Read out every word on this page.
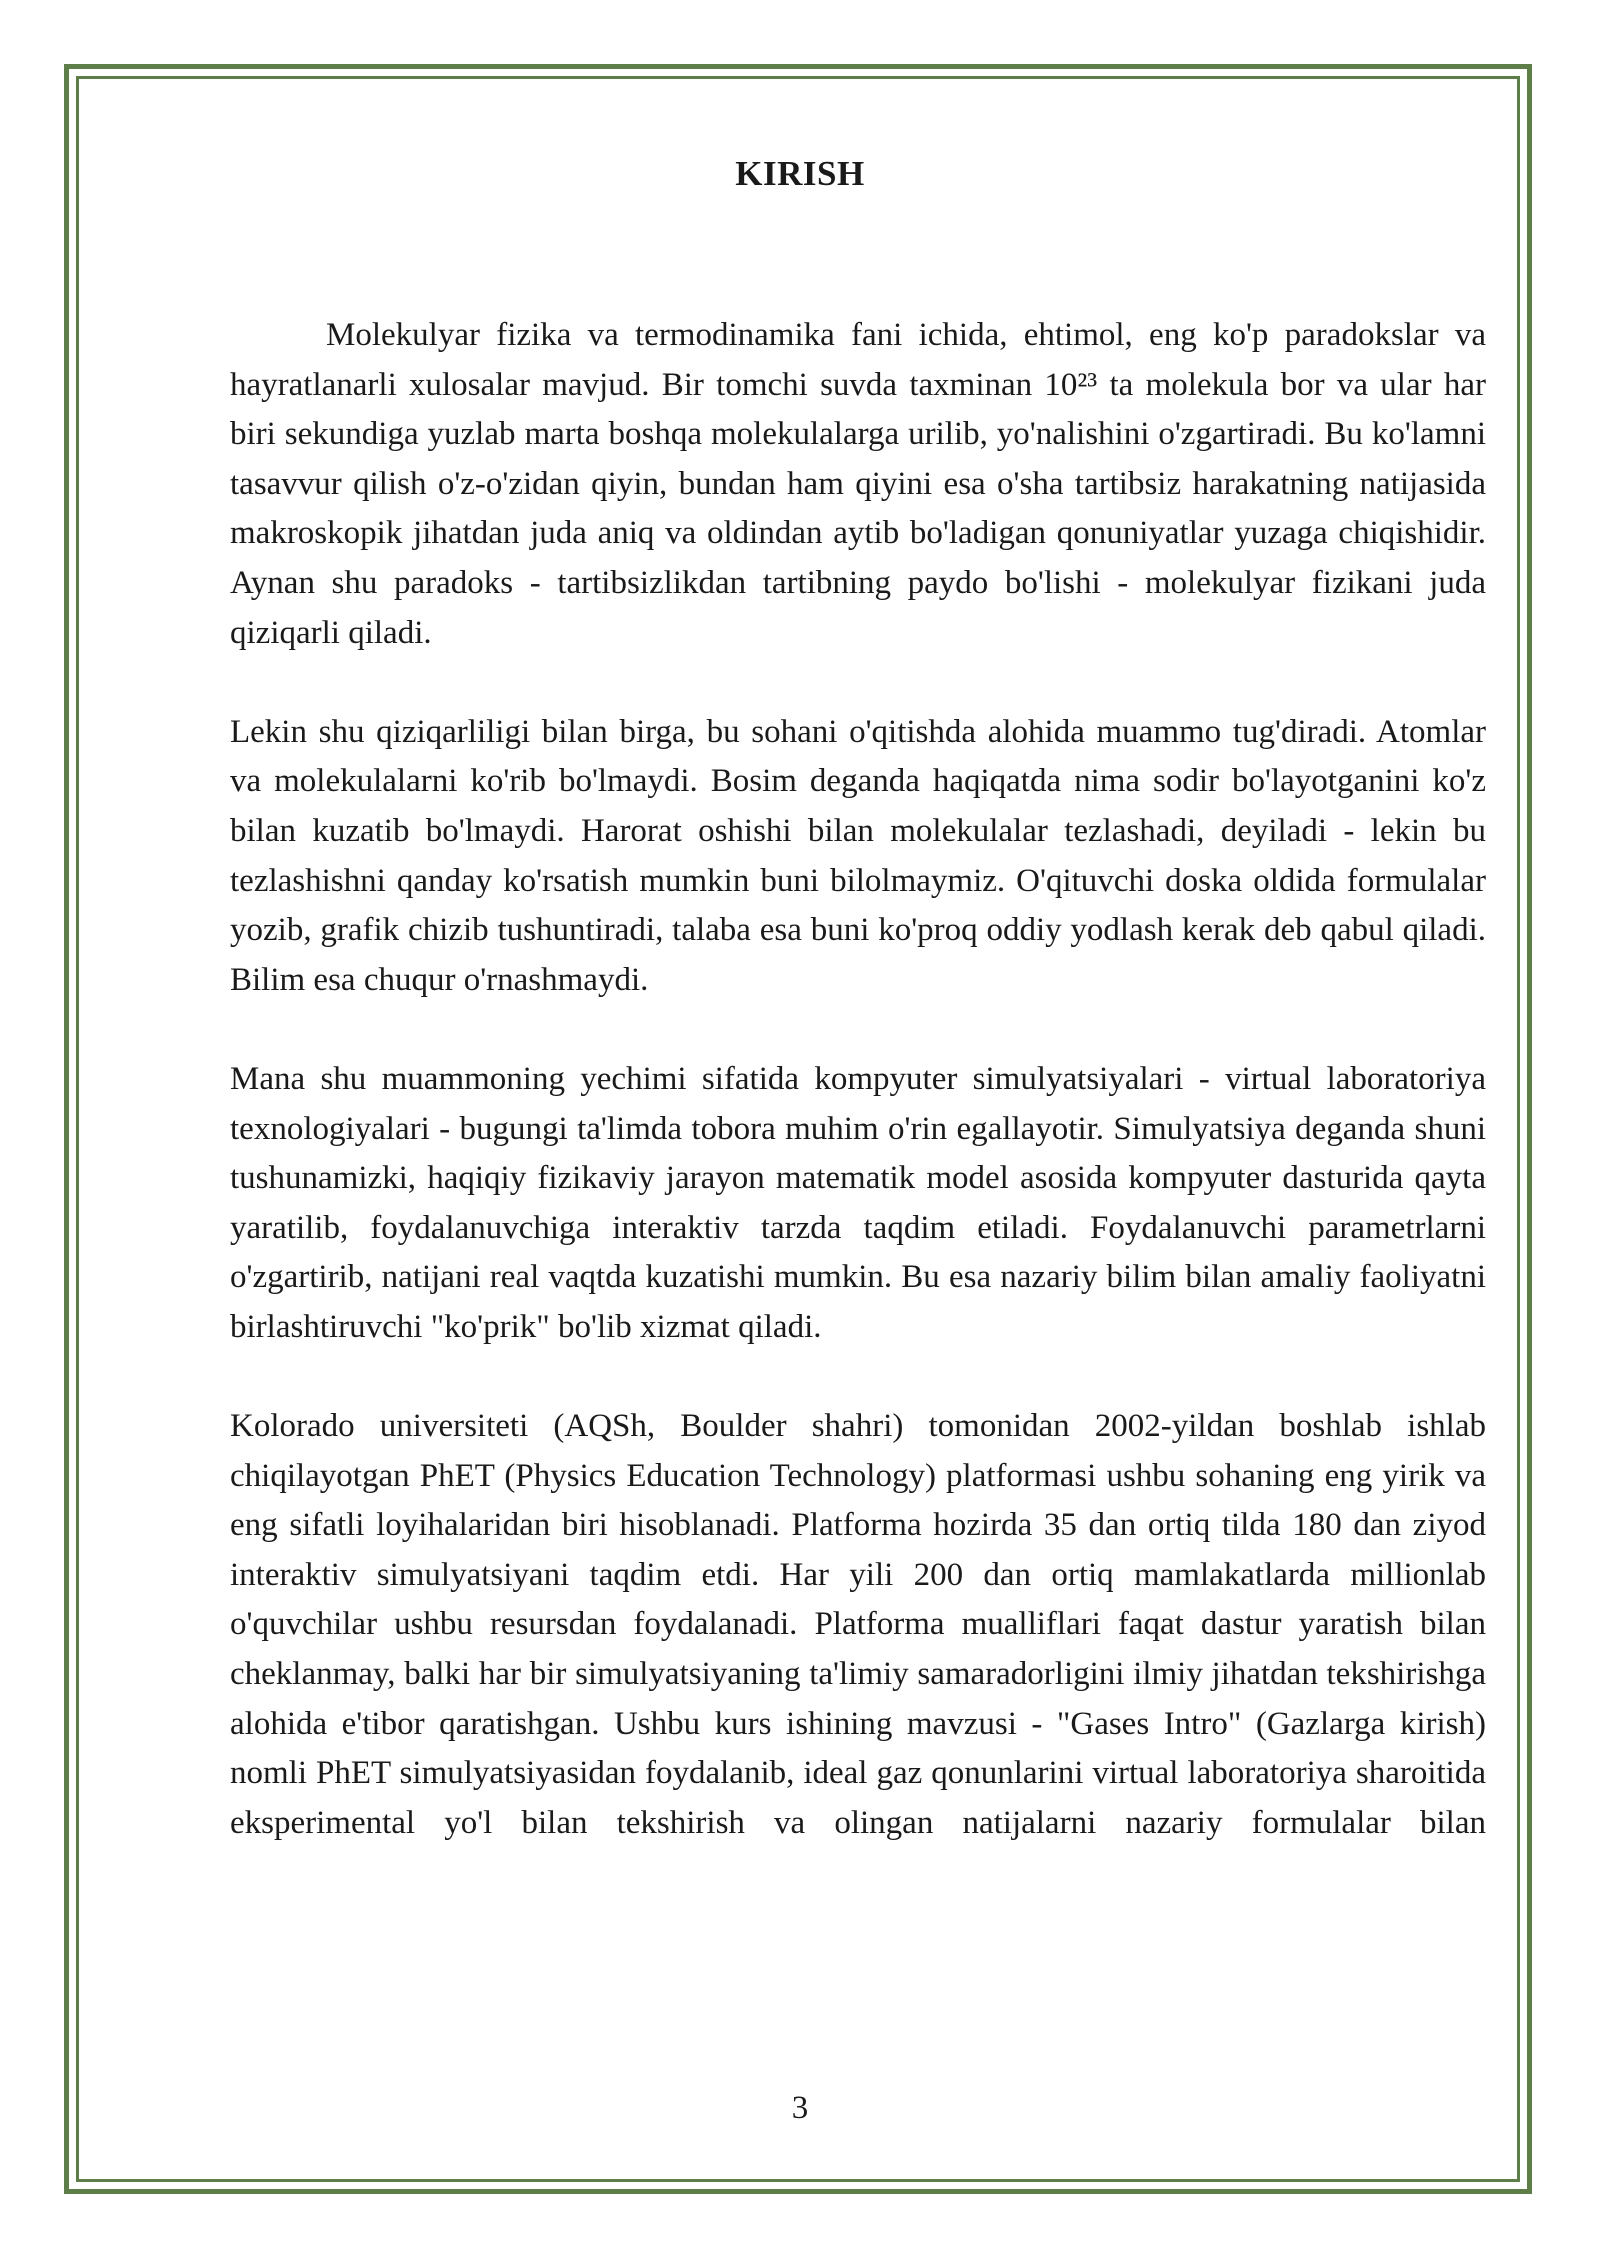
KIRISH

Molekulyar fizika va termodinamika fani ichida, ehtimol, eng ko'p paradokslar va hayratlanarli xulosalar mavjud. Bir tomchi suvda taxminan 10²³ ta molekula bor va ular har biri sekundiga yuzlab marta boshqa molekulalarga urilib, yo'nalishini o'zgartiradi. Bu ko'lamni tasavvur qilish o'z-o'zidan qiyin, bundan ham qiyini esa o'sha tartibsiz harakatning natijasida makroskopik jihatdan juda aniq va oldindan aytib bo'ladigan qonuniyatlar yuzaga chiqishidir. Aynan shu paradoks - tartibsizlikdan tartibning paydo bo'lishi - molekulyar fizikani juda qiziqarli qiladi.

Lekin shu qiziqarliligi bilan birga, bu sohani o'qitishda alohida muammo tug'diradi. Atomlar va molekulalarni ko'rib bo'lmaydi. Bosim deganda haqiqatda nima sodir bo'layotganini ko'z bilan kuzatib bo'lmaydi. Harorat oshishi bilan molekulalar tezlashadi, deyiladi - lekin bu tezlashishni qanday ko'rsatish mumkin buni bilolmaymiz. O'qituvchi doska oldida formulalar yozib, grafik chizib tushuntiradi, talaba esa buni ko'proq oddiy yodlash kerak deb qabul qiladi. Bilim esa chuqur o'rnashmaydi.

Mana shu muammoning yechimi sifatida kompyuter simulyatsiyalari - virtual laboratoriya texnologiyalari - bugungi ta'limda tobora muhim o'rin egallayotir. Simulyatsiya deganda shuni tushunamizki, haqiqiy fizikaviy jarayon matematik model asosida kompyuter dasturida qayta yaratilib, foydalanuvchiga interaktiv tarzda taqdim etiladi. Foydalanuvchi parametrlarni o'zgartirib, natijani real vaqtda kuzatishi mumkin. Bu esa nazariy bilim bilan amaliy faoliyatni birlashtiruvchi "ko'prik" bo'lib xizmat qiladi.

Kolorado universiteti (AQSh, Boulder shahri) tomonidan 2002-yildan boshlab ishlab chiqilayotgan PhET (Physics Education Technology) platformasi ushbu sohaning eng yirik va eng sifatli loyihalaridan biri hisoblanadi. Platforma hozirda 35 dan ortiq tilda 180 dan ziyod interaktiv simulyatsiyani taqdim etdi. Har yili 200 dan ortiq mamlakatlarda millionlab o'quvchilar ushbu resursdan foydalanadi. Platforma mualliflari faqat dastur yaratish bilan cheklanmay, balki har bir simulyatsiyaning ta'limiy samaradorligini ilmiy jihatdan tekshirishga alohida e'tibor qaratishgan. Ushbu kurs ishining mavzusi - "Gases Intro" (Gazlarga kirish) nomli PhET simulyatsiyasidan foydalanib, ideal gaz qonunlarini virtual laboratoriya sharoitida eksperimental yo'l bilan tekshirish va olingan natijalarni nazariy formulalar bilan

3
